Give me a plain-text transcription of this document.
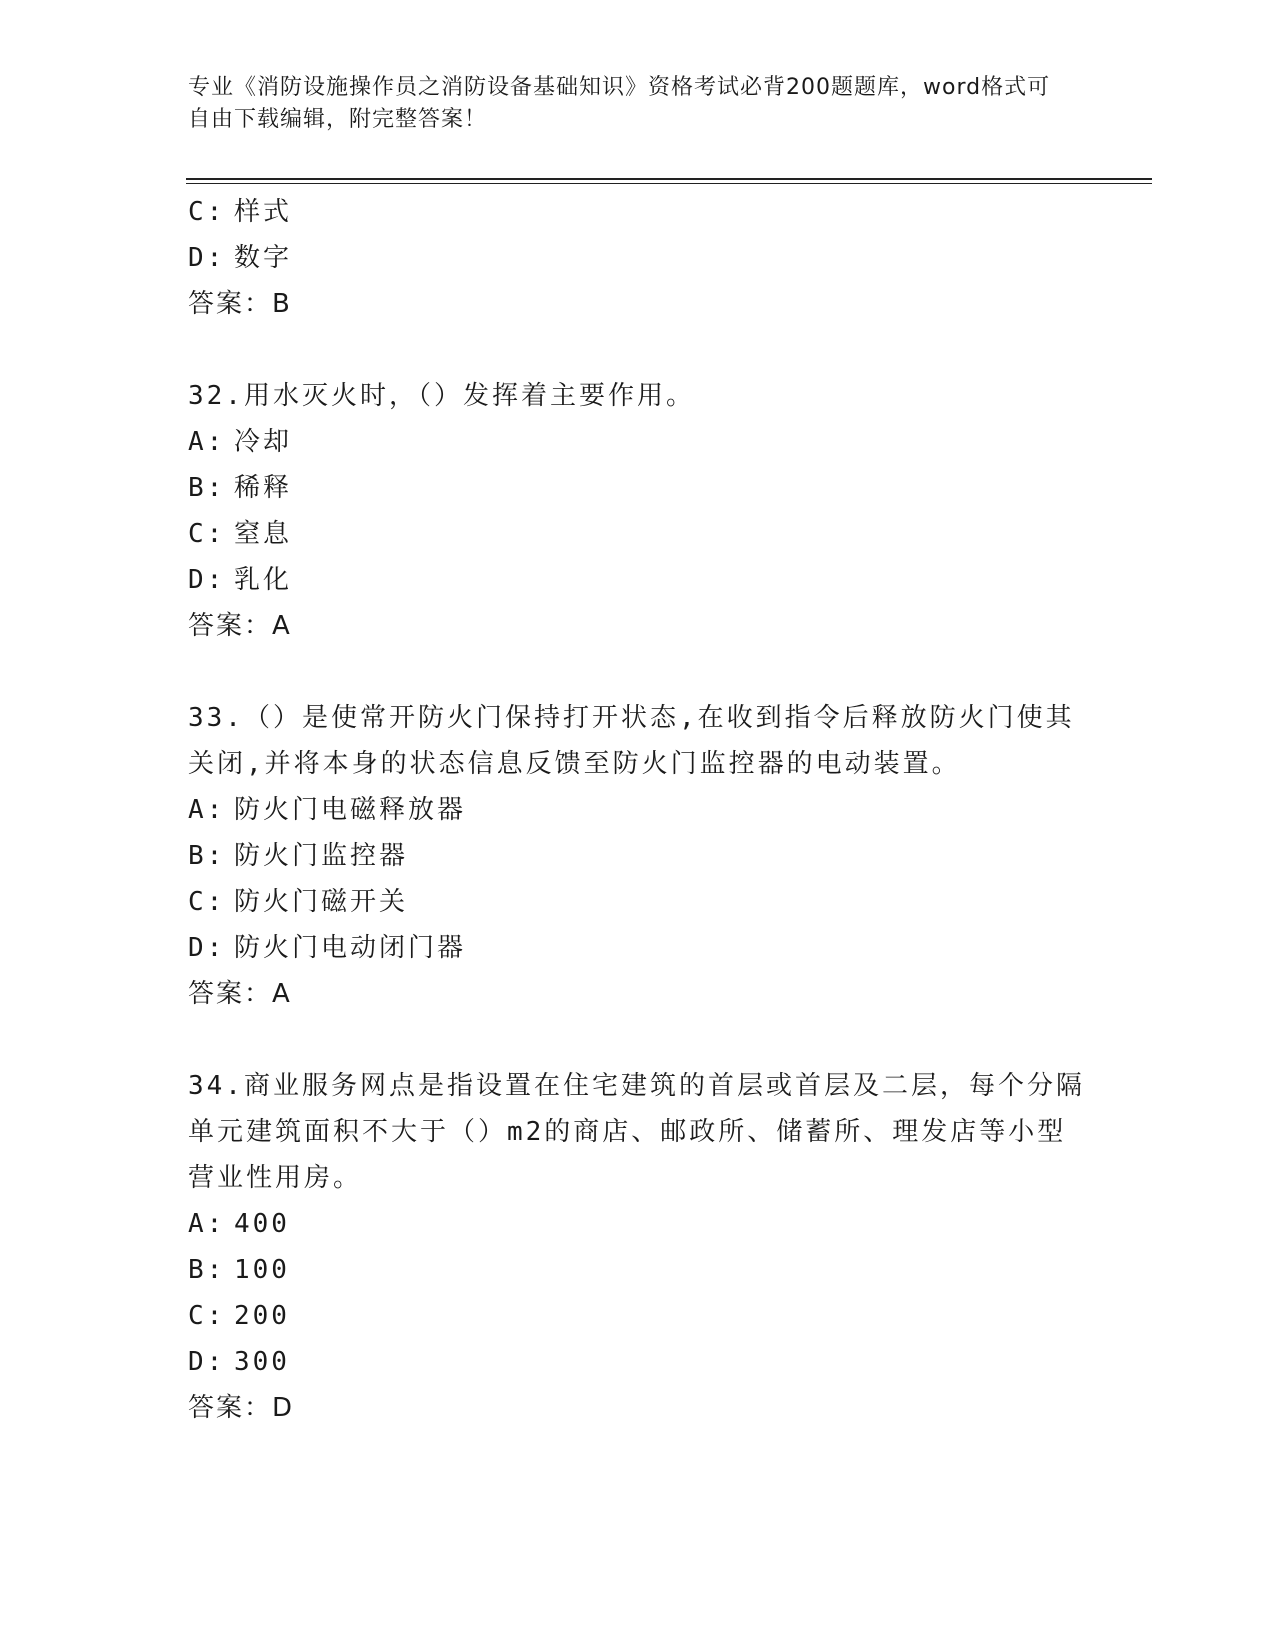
专业《消防设施操作员之消防设备基础知识》资格考试必背200题题库，word格式可自由下载编辑，附完整答案！
C: 样式
D: 数字
答案：B
32.用水灭火时，（）发挥着主要作用。
A: 冷却
B: 稀释
C: 窒息
D: 乳化
答案：A
33.（）是使常开防火门保持打开状态,在收到指令后释放防火门使其关闭,并将本身的状态信息反馈至防火门监控器的电动装置。
A: 防火门电磁释放器
B: 防火门监控器
C: 防火门磁开关
D: 防火门电动闭门器
答案：A
34.商业服务网点是指设置在住宅建筑的首层或首层及二层，每个分隔单元建筑面积不大于（）m2的商店、邮政所、储蓄所、理发店等小型营业性用房。
A: 400
B: 100
C: 200
D: 300
答案：D
